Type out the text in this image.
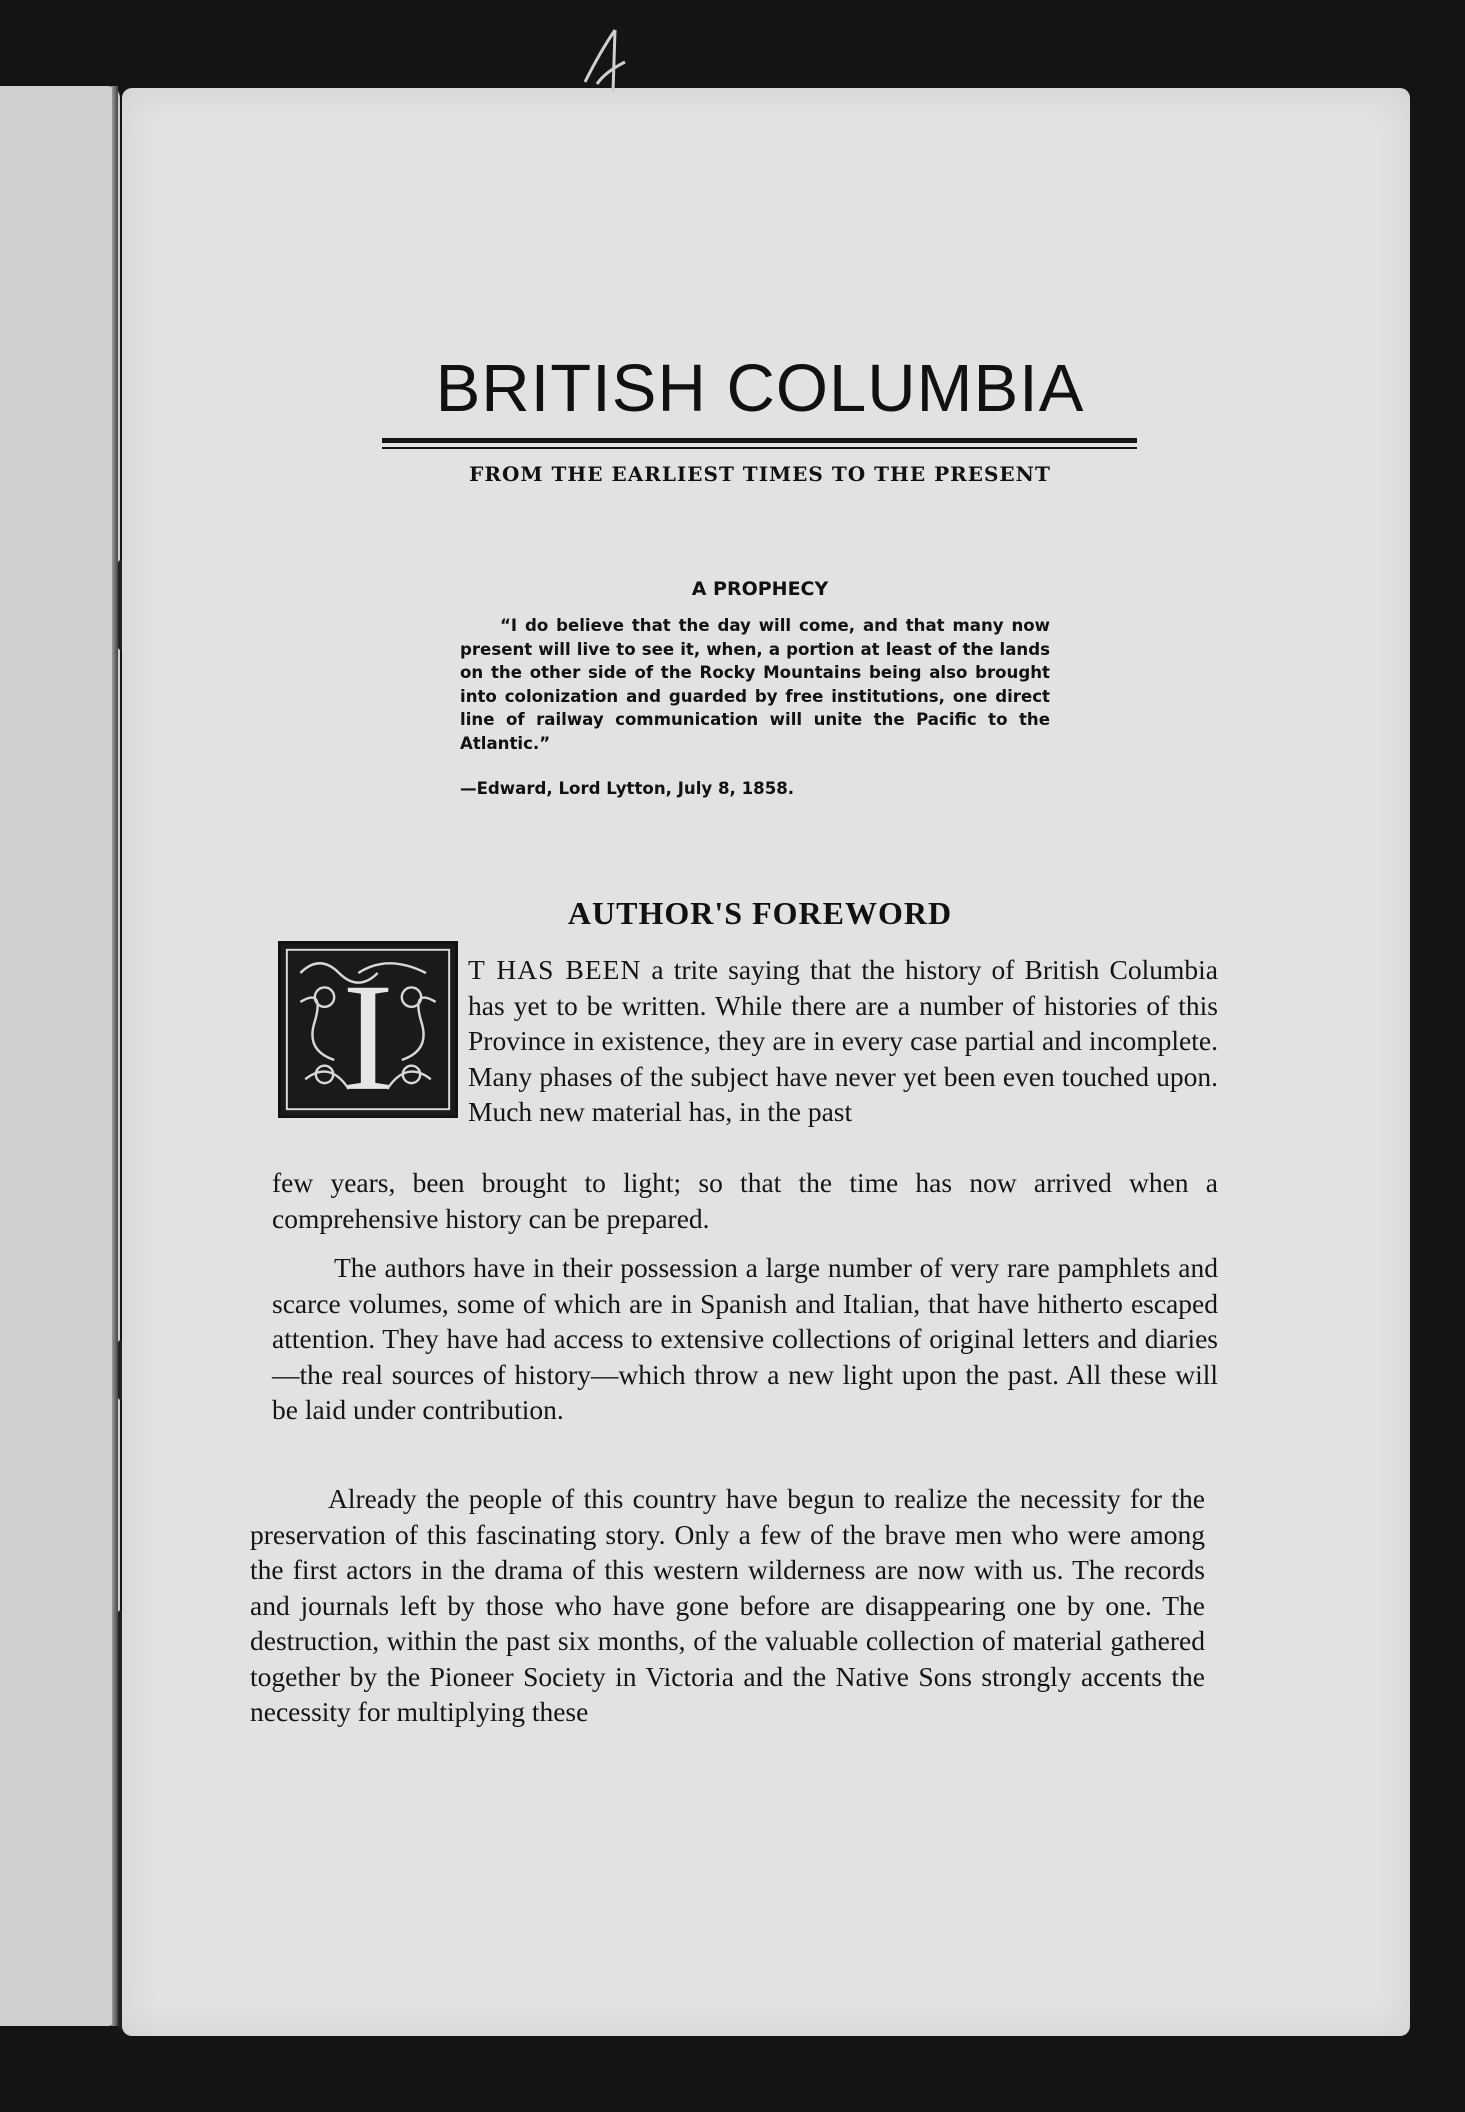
BRITISH COLUMBIA
FROM THE EARLIEST TIMES TO THE PRESENT
A PROPHECY
“I do believe that the day will come, and that many now present will live to see it, when, a portion at least of the lands on the other side of the Rocky Mountains being also brought into colonization and guarded by free institutions, one direct line of railway communication will unite the Pacific to the Atlantic.”
—Edward, Lord Lytton, July 8, 1858.
AUTHOR'S FOREWORD
I	T HAS BEEN a trite saying that the history of British Columbia has yet to be written. While there are a number of histories of this Province in existence, they are in every case partial and incomplete. Many phases of the subject have never yet been even touched upon. Much new material has, in the past
few years, been brought to light; so that the time has now arrived when a comprehensive history can be prepared.
The authors have in their possession a large number of very rare pamphlets and scarce volumes, some of which are in Spanish and Italian, that have hitherto escaped attention. They have had access to extensive collections of original letters and diaries—the real sources of history—which throw a new light upon the past. All these will be laid under contribution.
Already the people of this country have begun to realize the necessity for the preservation of this fascinating story. Only a few of the brave men who were among the first actors in the drama of this western wilderness are now with us. The records and journals left by those who have gone before are disappearing one by one. The destruction, within the past six months, of the valuable collection of material gathered together by the Pioneer Society in Victoria and the Native Sons strongly accents the necessity for multiplying these
